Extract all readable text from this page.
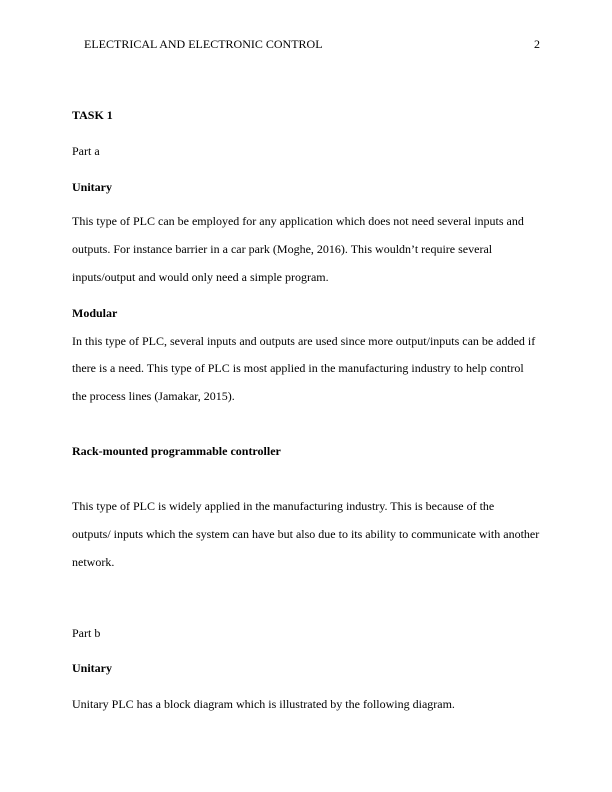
ELECTRICAL AND ELECTRONIC CONTROL	2
TASK 1
Part a
Unitary
This type of PLC can be employed for any application which does not need several inputs and
outputs. For instance barrier in a car park (Moghe, 2016). This wouldn’t require several
inputs/output and would only need a simple program.
Modular
In this type of PLC, several inputs and outputs are used since more output/inputs can be added if
there is a need. This type of PLC is most applied in the manufacturing industry to help control
the process lines (Jamakar, 2015).
Rack-mounted programmable controller
This type of PLC is widely applied in the manufacturing industry. This is because of the
outputs/ inputs which the system can have but also due to its ability to communicate with another
network.
Part b
Unitary
Unitary PLC has a block diagram which is illustrated by the following diagram.
